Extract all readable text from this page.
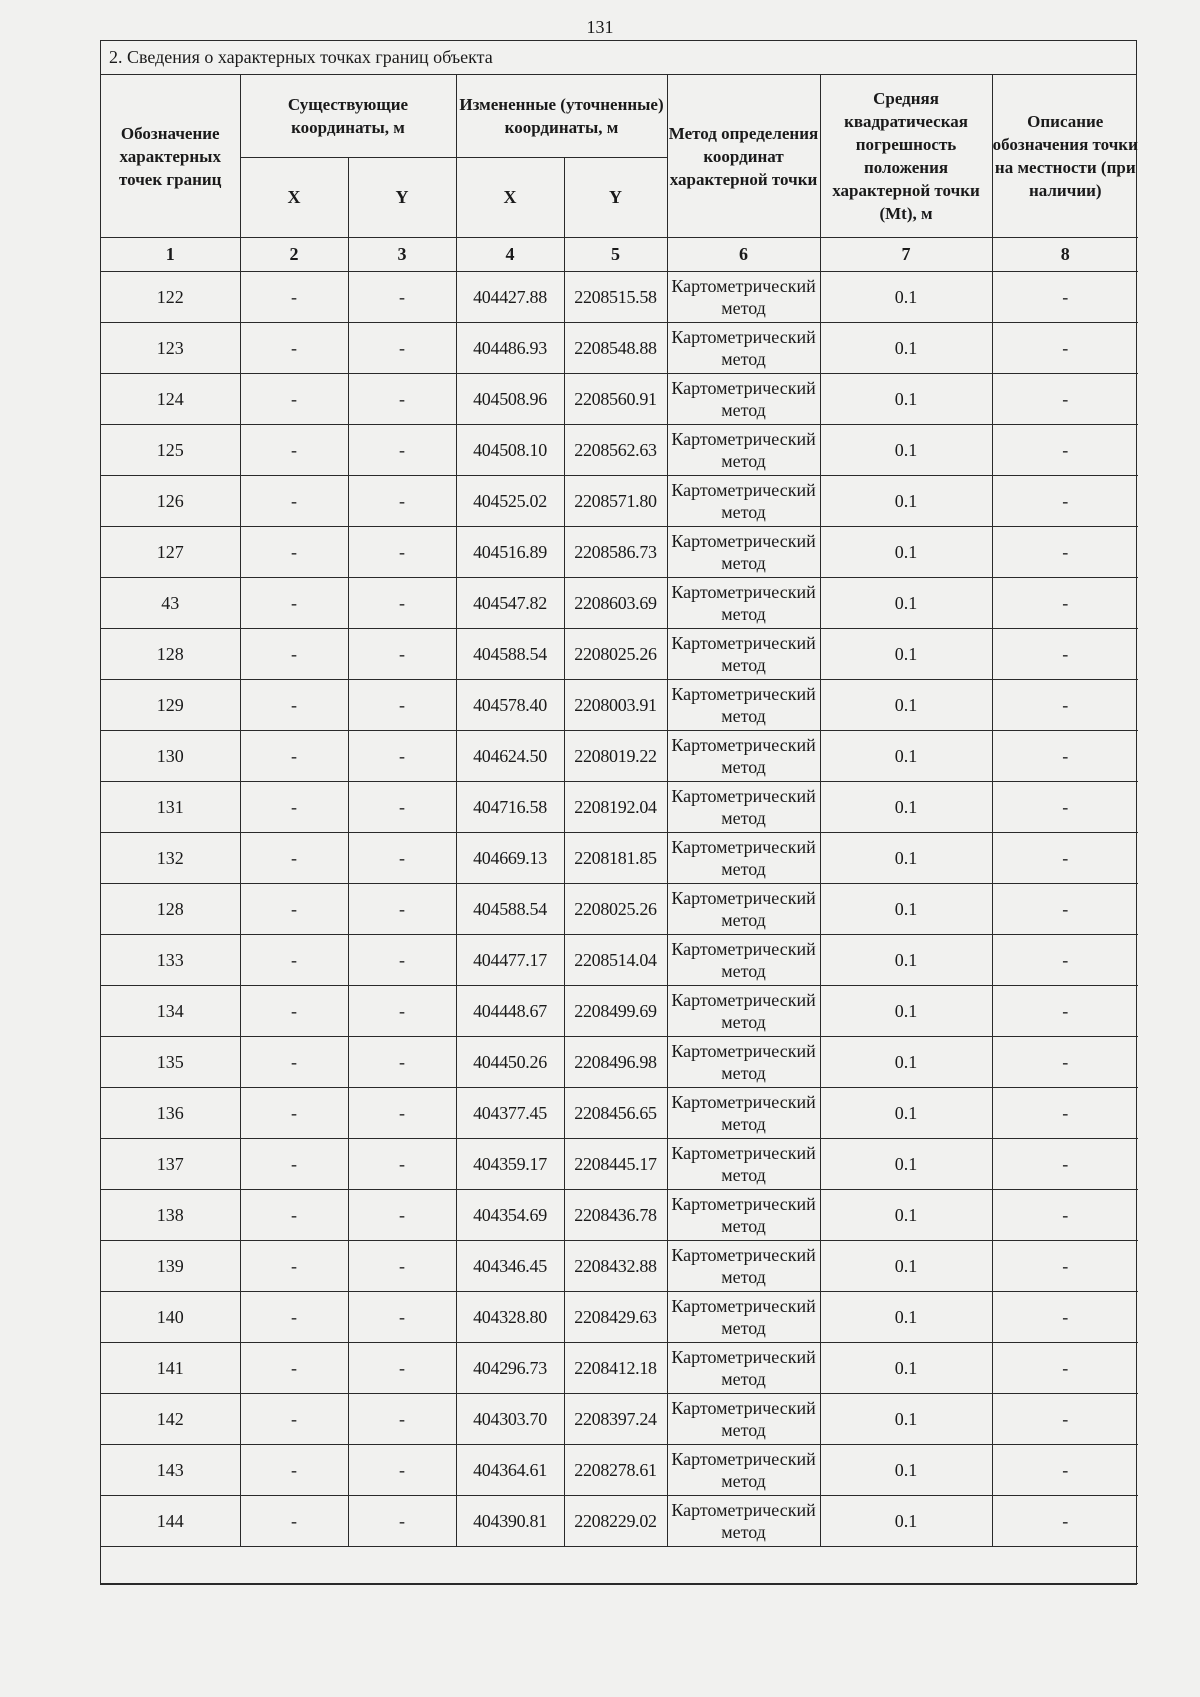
131
2. Сведения о характерных точках границ объекта
Обозначение характерных точек границ	Существующие координаты, м		Измененные (уточненные) координаты, м		Метод определения координат характерной точки	Средняя квадратическая погрешность положения характерной точки (Mt), м	Описание обозначения точки на местности (при наличии)
	X	Y	X	Y			
1	2	3	4	5	6	7	8
122	-	-	404427.88	2208515.58	Картометрический метод	0.1	-
123	-	-	404486.93	2208548.88	Картометрический метод	0.1	-
124	-	-	404508.96	2208560.91	Картометрический метод	0.1	-
125	-	-	404508.10	2208562.63	Картометрический метод	0.1	-
126	-	-	404525.02	2208571.80	Картометрический метод	0.1	-
127	-	-	404516.89	2208586.73	Картометрический метод	0.1	-
43	-	-	404547.82	2208603.69	Картометрический метод	0.1	-
128	-	-	404588.54	2208025.26	Картометрический метод	0.1	-
129	-	-	404578.40	2208003.91	Картометрический метод	0.1	-
130	-	-	404624.50	2208019.22	Картометрический метод	0.1	-
131	-	-	404716.58	2208192.04	Картометрический метод	0.1	-
132	-	-	404669.13	2208181.85	Картометрический метод	0.1	-
128	-	-	404588.54	2208025.26	Картометрический метод	0.1	-
133	-	-	404477.17	2208514.04	Картометрический метод	0.1	-
134	-	-	404448.67	2208499.69	Картометрический метод	0.1	-
135	-	-	404450.26	2208496.98	Картометрический метод	0.1	-
136	-	-	404377.45	2208456.65	Картометрический метод	0.1	-
137	-	-	404359.17	2208445.17	Картометрический метод	0.1	-
138	-	-	404354.69	2208436.78	Картометрический метод	0.1	-
139	-	-	404346.45	2208432.88	Картометрический метод	0.1	-
140	-	-	404328.80	2208429.63	Картометрический метод	0.1	-
141	-	-	404296.73	2208412.18	Картометрический метод	0.1	-
142	-	-	404303.70	2208397.24	Картометрический метод	0.1	-
143	-	-	404364.61	2208278.61	Картометрический метод	0.1	-
144	-	-	404390.81	2208229.02	Картометрический метод	0.1	-
